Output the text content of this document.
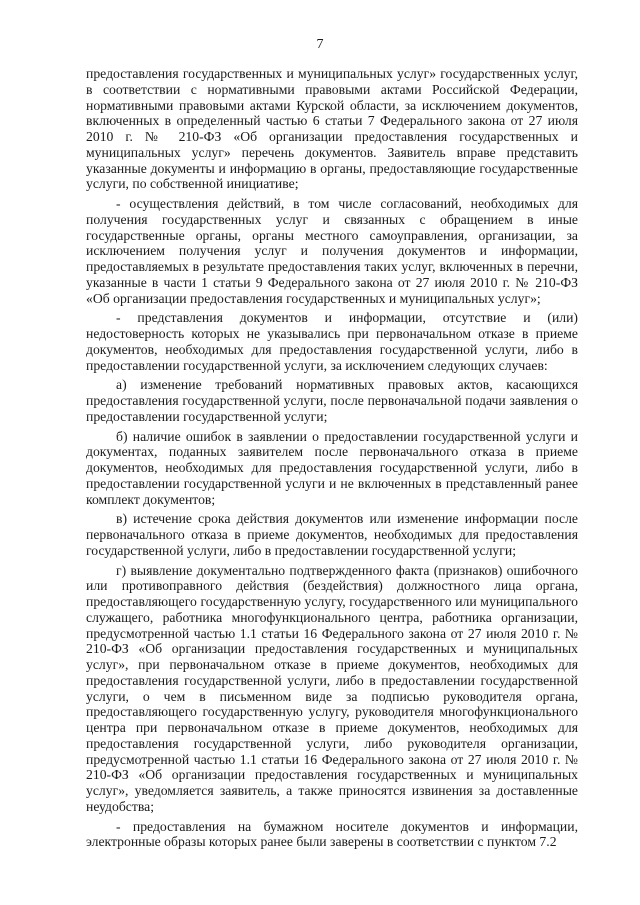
7

предоставления государственных и муниципальных услуг» государственных услуг, в соответствии с нормативными правовыми актами Российской Федерации, нормативными правовыми актами Курской области, за исключением документов, включенных в определенный частью 6 статьи 7 Федерального закона от 27 июля 2010 г. № 210-ФЗ «Об организации предоставления государственных и муниципальных услуг» перечень документов. Заявитель вправе представить указанные документы и информацию в органы, предоставляющие государственные услуги, по собственной инициативе;

- осуществления действий, в том числе согласований, необходимых для получения государственных услуг и связанных с обращением в иные государственные органы, органы местного самоуправления, организации, за исключением получения услуг и получения документов и информации, предоставляемых в результате предоставления таких услуг, включенных в перечни, указанные в части 1 статьи 9 Федерального закона от 27 июля 2010 г. № 210-ФЗ «Об организации предоставления государственных и муниципальных услуг»;

- представления документов и информации, отсутствие и (или) недостоверность которых не указывались при первоначальном отказе в приеме документов, необходимых для предоставления государственной услуги, либо в предоставлении государственной услуги, за исключением следующих случаев:

а) изменение требований нормативных правовых актов, касающихся предоставления государственной услуги, после первоначальной подачи заявления о предоставлении государственной услуги;

б) наличие ошибок в заявлении о предоставлении государственной услуги и документах, поданных заявителем после первоначального отказа в приеме документов, необходимых для предоставления государственной услуги, либо в предоставлении государственной услуги и не включенных в представленный ранее комплект документов;

в) истечение срока действия документов или изменение информации после первоначального отказа в приеме документов, необходимых для предоставления государственной услуги, либо в предоставлении государственной услуги;

г) выявление документально подтвержденного факта (признаков) ошибочного или противоправного действия (бездействия) должностного лица органа, предоставляющего государственную услугу, государственного или муниципального служащего, работника многофункционального центра, работника организации, предусмотренной частью 1.1 статьи 16 Федерального закона от 27 июля 2010 г. № 210-ФЗ «Об организации предоставления государственных и муниципальных услуг», при первоначальном отказе в приеме документов, необходимых для предоставления государственной услуги, либо в предоставлении государственной услуги, о чем в письменном виде за подписью руководителя органа, предоставляющего государственную услугу, руководителя многофункционального центра при первоначальном отказе в приеме документов, необходимых для предоставления государственной услуги, либо руководителя организации, предусмотренной частью 1.1 статьи 16 Федерального закона от 27 июля 2010 г. № 210-ФЗ «Об организации предоставления государственных и муниципальных услуг», уведомляется заявитель, а также приносятся извинения за доставленные неудобства;

- предоставления на бумажном носителе документов и информации, электронные образы которых ранее были заверены в соответствии с пунктом 7.2
